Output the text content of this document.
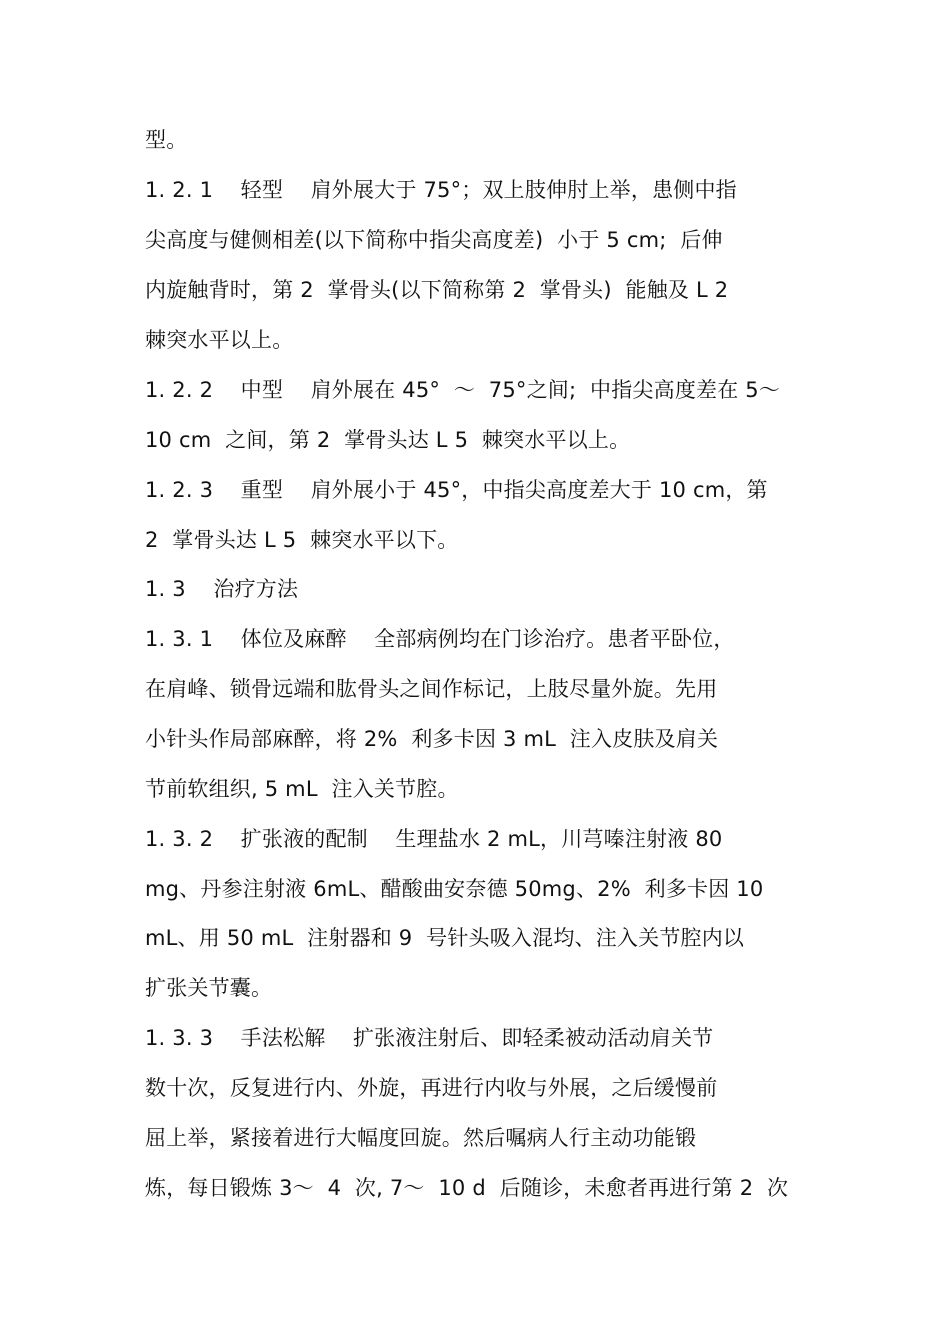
型。
1. 2. 1    轻型    肩外展大于 75°；双上肢伸肘上举，患侧中指
尖高度与健侧相差(以下简称中指尖高度差)  小于 5 cm;  后伸
内旋触背时，第 2  掌骨头(以下简称第 2  掌骨头)  能触及 L 2
棘突水平以上。
1. 2. 2    中型    肩外展在 45°  ～  75°之间;  中指尖高度差在 5～
10 cm  之间，第 2  掌骨头达 L 5  棘突水平以上。
1. 2. 3    重型    肩外展小于 45°，中指尖高度差大于 10 cm，第
2  掌骨头达 L 5  棘突水平以下。
1. 3    治疗方法
1. 3. 1    体位及麻醉    全部病例均在门诊治疗。患者平卧位，
在肩峰、锁骨远端和肱骨头之间作标记，上肢尽量外旋。先用
小针头作局部麻醉，将 2%  利多卡因 3 mL  注入皮肤及肩关
节前软组织, 5 mL  注入关节腔。
1. 3. 2    扩张液的配制    生理盐水 2 mL，川芎嗪注射液 80
mg、丹参注射液 6mL、醋酸曲安奈德 50mg、2%  利多卡因 10
mL、用 50 mL  注射器和 9  号针头吸入混均、注入关节腔内以
扩张关节囊。
1. 3. 3    手法松解    扩张液注射后、即轻柔被动活动肩关节
数十次，反复进行内、外旋，再进行内收与外展，之后缓慢前
屈上举，紧接着进行大幅度回旋。然后嘱病人行主动功能锻
炼，每日锻炼 3～  4  次, 7～  10 d  后随诊，未愈者再进行第 2  次
